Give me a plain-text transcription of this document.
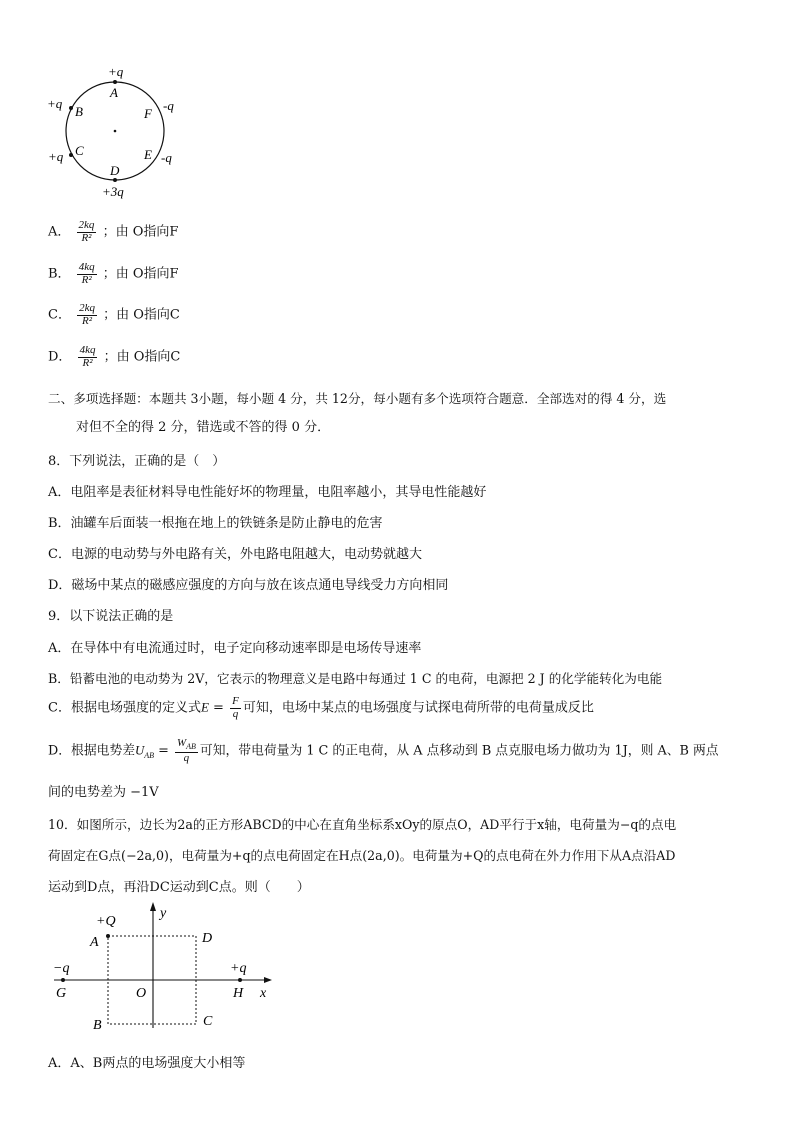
+q
A
+q
B
+q C
D
+3q
F
-q
E -q
A． $\frac{2kq}{\text{R²}}$ ；由 O指向F
B． $\frac{4kq}{\text{R²}}$ ；由 O指向F
C． $\frac{2kq}{\text{R²}}$ ；由 O指向C
D． $\frac{4kq}{\text{R²}}$ ；由 O指向C
二、多项选择题：本题共 3小题，每小题 4 分，共 12分，每小题有多个选项符合题意．全部选对的得 4 分，选
对但不全的得 2 分，错选或不答的得 0 分．
8．下列说法，正确的是（　）
A．电阻率是表征材料导电性能好坏的物理量，电阻率越小，其导电性能越好
B．油罐车后面装一根拖在地上的铁链条是防止静电的危害
C．电源的电动势与外电路有关，外电路电阻越大，电动势就越大
D．磁场中某点的磁感应强度的方向与放在该点通电导线受力方向相同
9．以下说法正确的是
A．在导体中有电流通过时，电子定向移动速率即是电场传导速率
B．铅蓄电池的电动势为 2V，它表示的物理意义是电路中每通过 1 C 的电荷，电源把 2 J 的化学能转化为电能
C．根据电场强度的定义式$E = \frac{F}{q}$ 可知，电场中某点的电场强度与试探电荷所带的电荷量成反比
D．根据电势差$U_{AB} = \frac{W_{AB}}{q}$ 可知，带电荷量为 1 C 的正电荷，从 A 点移动到 B 点克服电场力做功为 1J，则 A、B 两点
间的电势差为 −1V
10．如图所示，边长为2a的正方形ABCD的中心在直角坐标系xOy的原点O，AD平行于x轴，电荷量为−q的点电
荷固定在G点(−2a,0)，电荷量为+q的点电荷固定在H点(2a,0)。电荷量为+Q的点电荷在外力作用下从A点沿AD
运动到D点，再沿DC运动到C点。则（　　）
+Q
A	D
y
−q	+q
G	O	H x
B	C
A．A、B两点的电场强度大小相等
